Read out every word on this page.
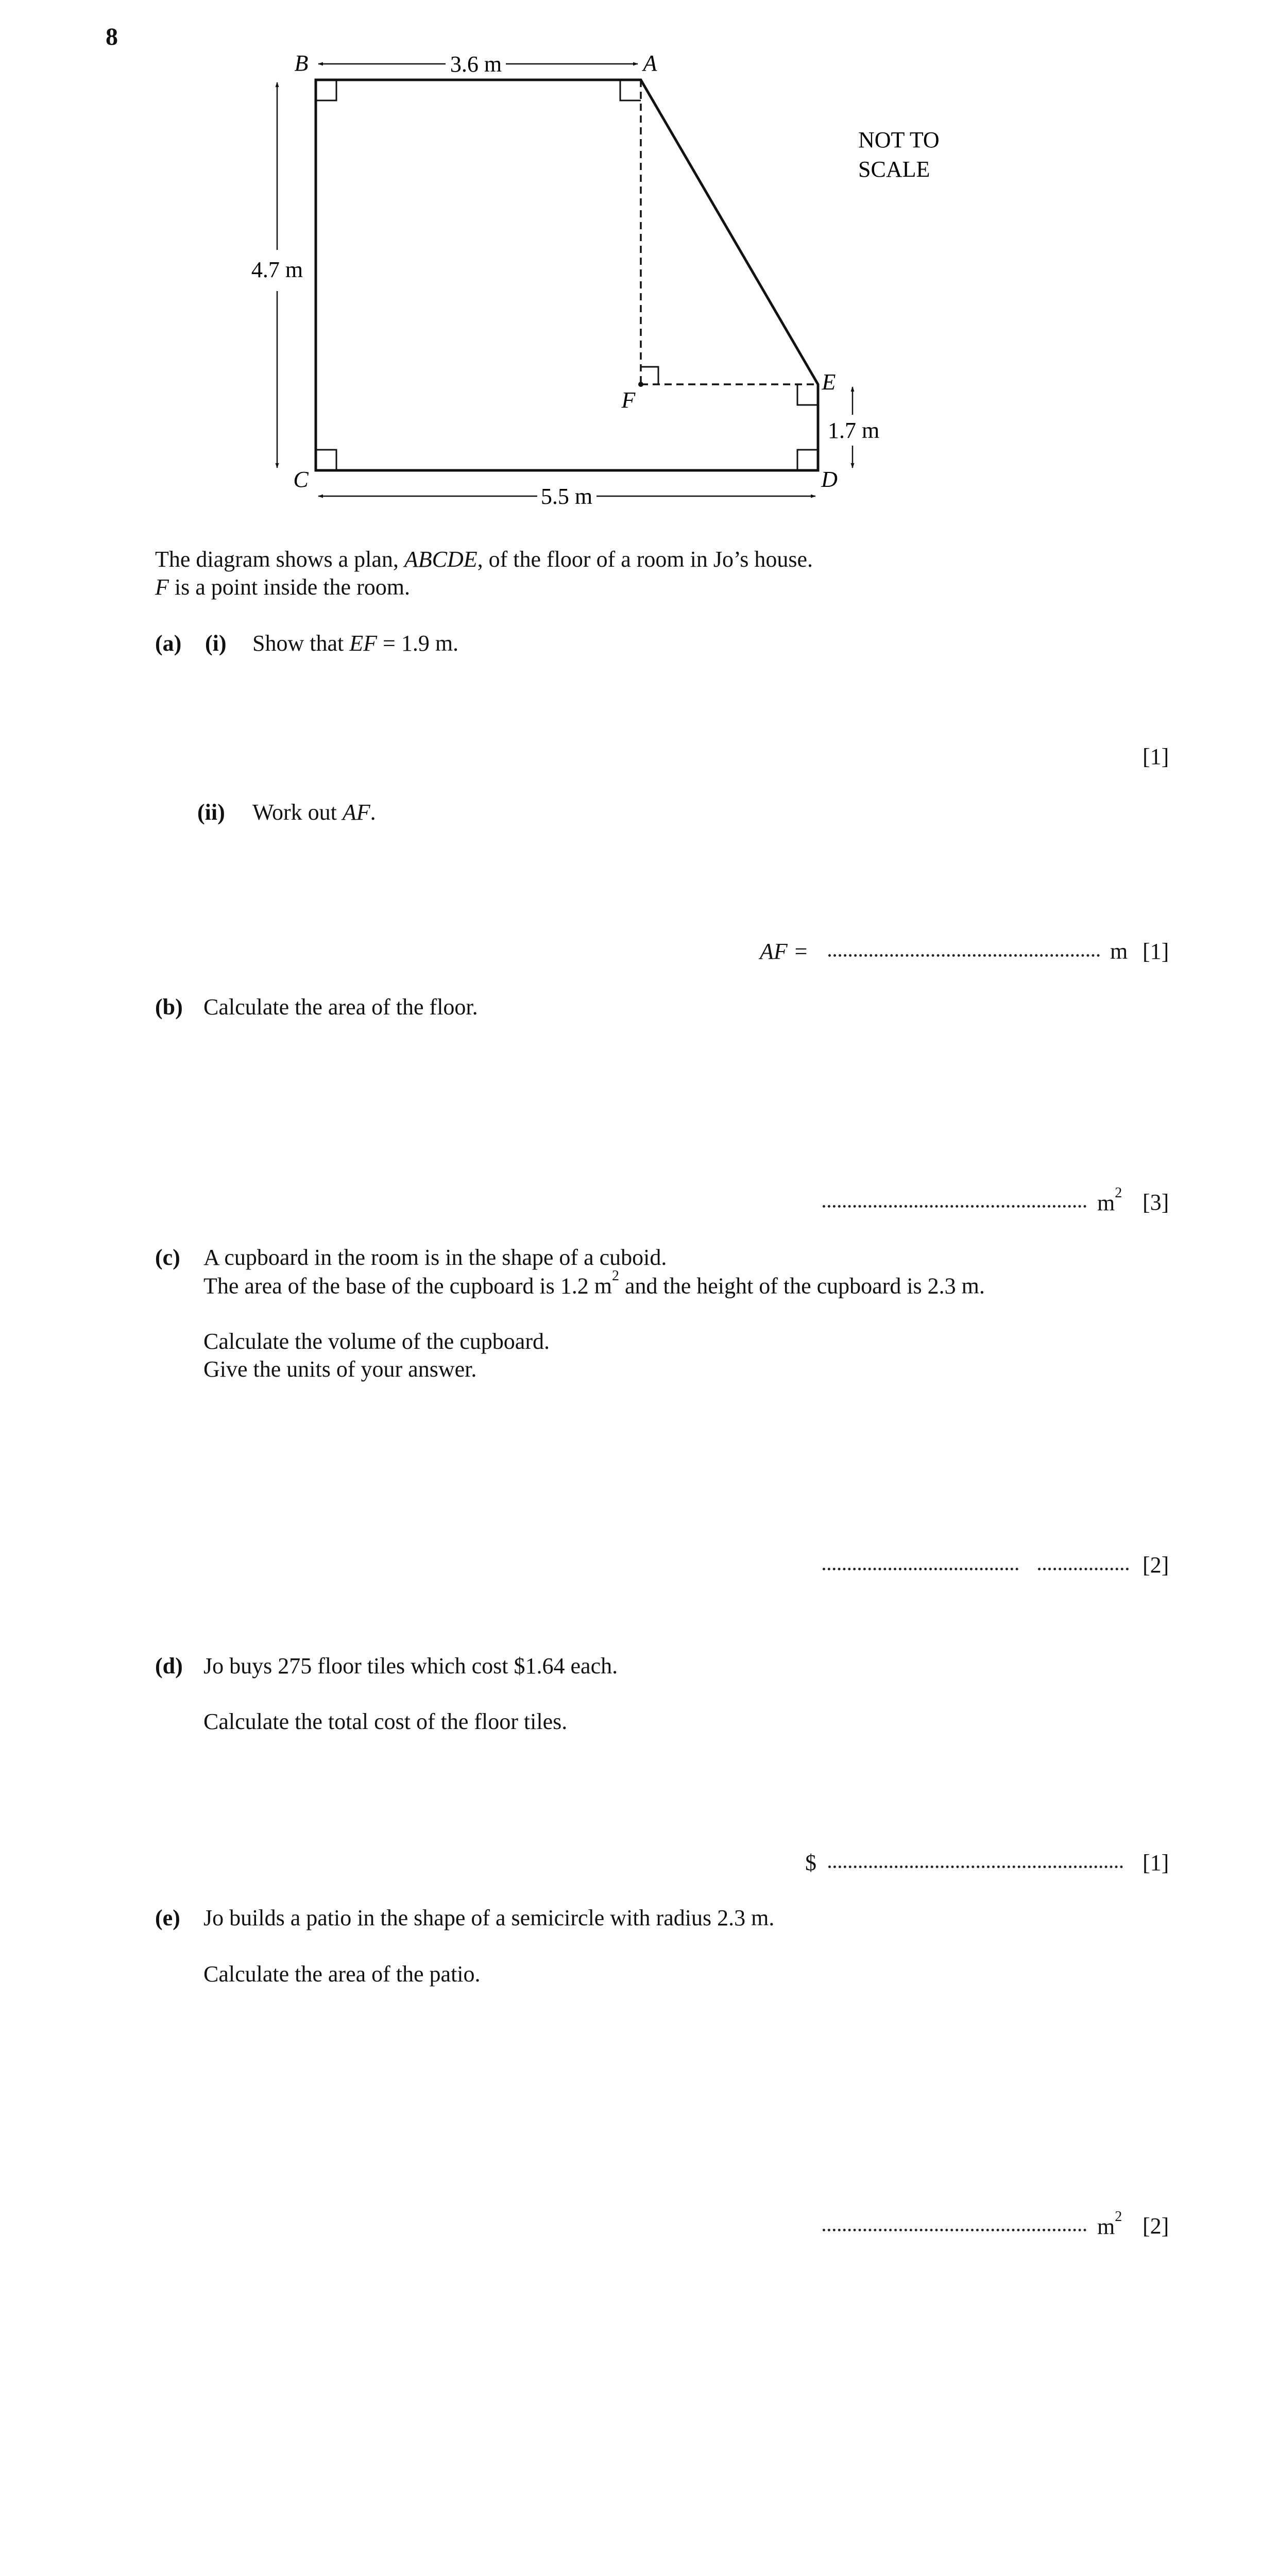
8
B	A
C	D
E
F
3.6 m
4.7 m
5.5 m
1.7 m
NOT TO
SCALE
The diagram shows a plan, ABCDE, of the floor of a room in Jo’s house.
F is a point inside the room.
(a) (i) Show that EF = 1.9 m.
[1]
(ii) Work out AF.
AF =	m [1]
(b) Calculate the area of the floor.
$m^2$ [3]
(c) A cupboard in the room is in the shape of a cuboid.
The area of the base of the cupboard is 1.2 $m^2$ and the height of the cupboard is 2.3 m.
Calculate the volume of the cupboard.
Give the units of your answer.
[2]
(d) Jo buys 275 floor tiles which cost $1.64 each.
Calculate the total cost of the floor tiles.
$	[1]
(e) Jo builds a patio in the shape of a semicircle with radius 2.3 m.
Calculate the area of the patio.
$m^2$ [2]
